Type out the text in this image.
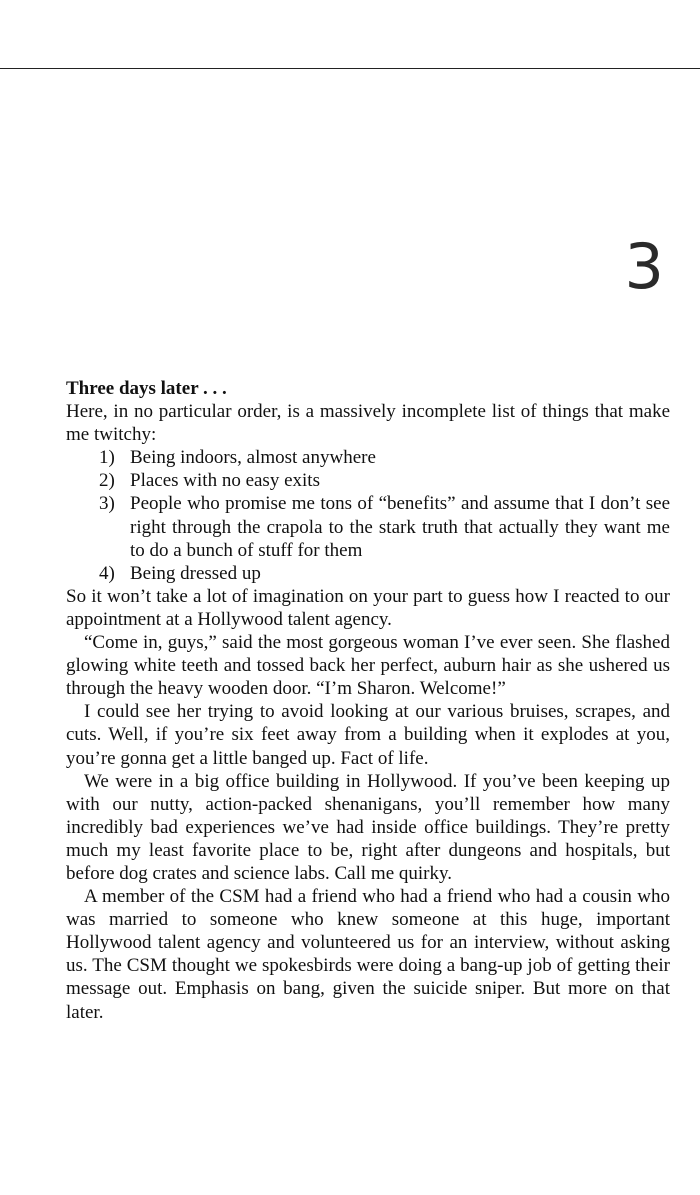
3

Three days later . . .

Here, in no particular order, is a massively incomplete list of things that make me twitchy:

1) Being indoors, almost anywhere
2) Places with no easy exits
3) People who promise me tons of “benefits” and assume that I don’t see right through the crapola to the stark truth that actually they want me to do a bunch of stuff for them
4) Being dressed up

So it won’t take a lot of imagination on your part to guess how I reacted to our appointment at a Hollywood talent agency.

“Come in, guys,” said the most gorgeous woman I’ve ever seen. She flashed glowing white teeth and tossed back her perfect, auburn hair as she ushered us through the heavy wooden door. “I’m Sharon. Welcome!”

I could see her trying to avoid looking at our various bruises, scrapes, and cuts. Well, if you’re six feet away from a building when it explodes at you, you’re gonna get a little banged up. Fact of life.

We were in a big office building in Hollywood. If you’ve been keeping up with our nutty, action-packed shenanigans, you’ll remember how many incredibly bad experiences we’ve had inside office buildings. They’re pretty much my least favorite place to be, right after dungeons and hospitals, but before dog crates and science labs. Call me quirky.

A member of the CSM had a friend who had a friend who had a cousin who was married to someone who knew someone at this huge, important Hollywood talent agency and volunteered us for an interview, without asking us. The CSM thought we spokesbirds were doing a bang-up job of getting their message out. Emphasis on bang, given the suicide sniper. But more on that later.
